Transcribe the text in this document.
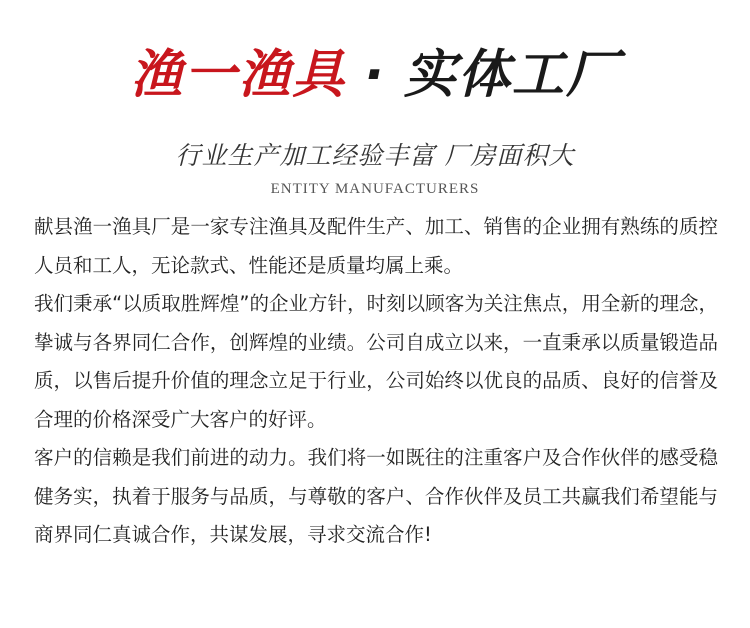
渔一渔具 · 实体工厂
行业生产加工经验丰富 厂房面积大
ENTITY MANUFACTURERS

献县渔一渔具厂是一家专注渔具及配件生产、加工、销售的企业拥有熟练的质控人员和工人，无论款式、性能还是质量均属上乘。

我们秉承“以质取胜辉煌”的企业方针，时刻以顾客为关注焦点，用全新的理念，挚诚与各界同仁合作，创辉煌的业绩。公司自成立以来，一直秉承以质量锻造品质，以售后提升价值的理念立足于行业，公司始终以优良的品质、良好的信誉及合理的价格深受广大客户的好评。

客户的信赖是我们前进的动力。我们将一如既往的注重客户及合作伙伴的感受稳健务实，执着于服务与品质，与尊敬的客户、合作伙伴及员工共赢我们希望能与商界同仁真诚合作，共谋发展，寻求交流合作!
